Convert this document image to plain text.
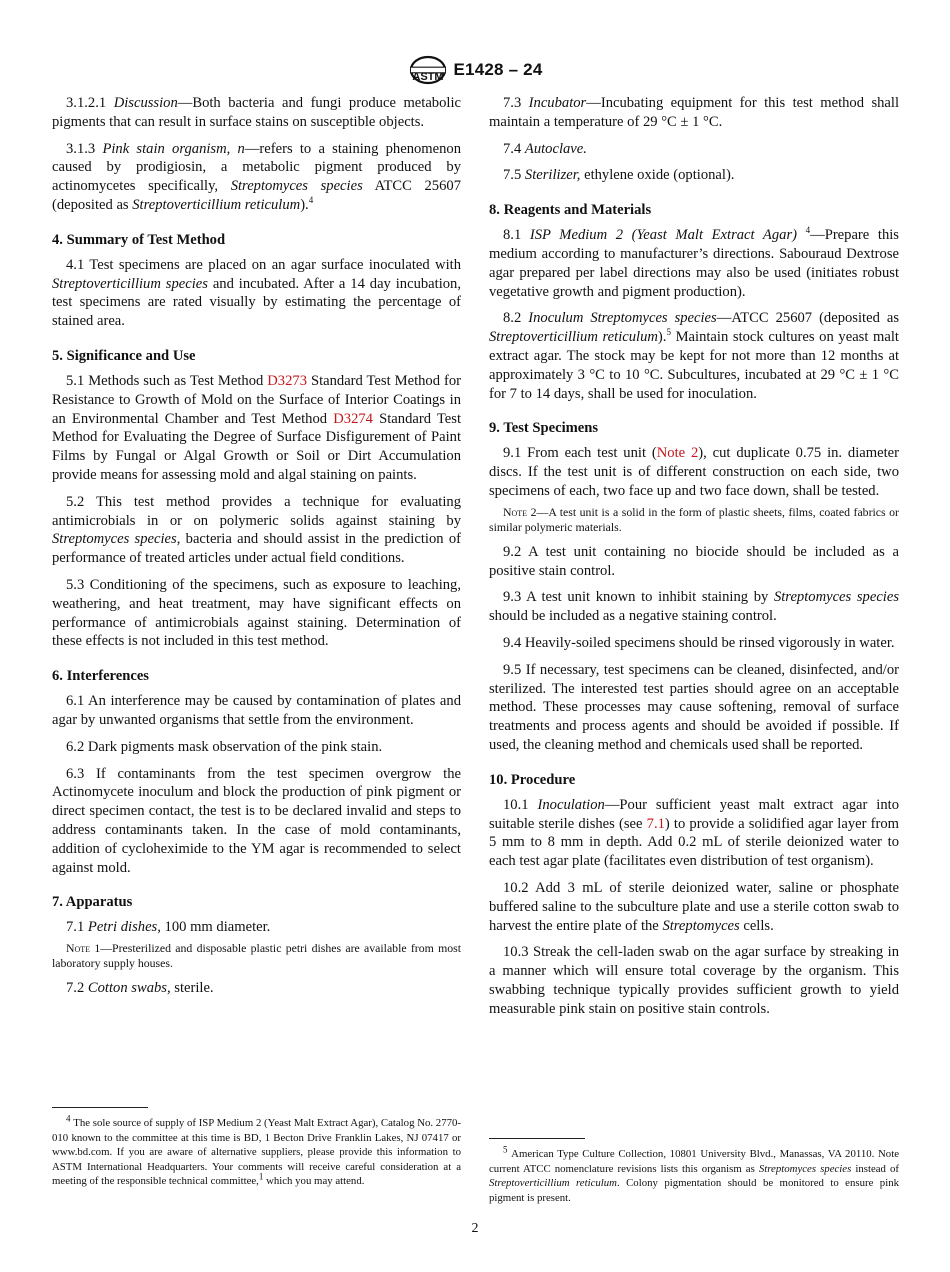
ASTM E1428 – 24

3.1.2.1 Discussion—Both bacteria and fungi produce metabolic pigments that can result in surface stains on susceptible objects.

3.1.3 Pink stain organism, n—refers to a staining phenomenon caused by prodigiosin, a metabolic pigment produced by actinomycetes specifically, Streptomyces species ATCC 25607 (deposited as Streptoverticillium reticulum).$^4$

4. Summary of Test Method

4.1 Test specimens are placed on an agar surface inoculated with Streptoverticillium species and incubated. After a 14 day incubation, test specimens are rated visually by estimating the percentage of stained area.

5. Significance and Use

5.1 Methods such as Test Method D3273 Standard Test Method for Resistance to Growth of Mold on the Surface of Interior Coatings in an Environmental Chamber and Test Method D3274 Standard Test Method for Evaluating the Degree of Surface Disfigurement of Paint Films by Fungal or Algal Growth or Soil or Dirt Accumulation provide means for assessing mold and algal staining on paints.

5.2 This test method provides a technique for evaluating antimicrobials in or on polymeric solids against staining by Streptomyces species, bacteria and should assist in the prediction of performance of treated articles under actual field conditions.

5.3 Conditioning of the specimens, such as exposure to leaching, weathering, and heat treatment, may have significant effects on performance of antimicrobials against staining. Determination of these effects is not included in this test method.

6. Interferences

6.1 An interference may be caused by contamination of plates and agar by unwanted organisms that settle from the environment.

6.2 Dark pigments mask observation of the pink stain.

6.3 If contaminants from the test specimen overgrow the Actinomycete inoculum and block the production of pink pigment or direct specimen contact, the test is to be declared invalid and steps to address contaminants taken. In the case of mold contaminants, addition of cycloheximide to the YM agar is recommended to select against mold.

7. Apparatus

7.1 Petri dishes, 100 mm diameter.

Note 1—Presterilized and disposable plastic petri dishes are available from most laboratory supply houses.

7.2 Cotton swabs, sterile.

$^4$ The sole source of supply of ISP Medium 2 (Yeast Malt Extract Agar), Catalog No. 2770-010 known to the committee at this time is BD, 1 Becton Drive Franklin Lakes, NJ 07417 or www.bd.com. If you are aware of alternative suppliers, please provide this information to ASTM International Headquarters. Your comments will receive careful consideration at a meeting of the responsible technical committee,$^1$ which you may attend.

7.3 Incubator—Incubating equipment for this test method shall maintain a temperature of 29 °C ± 1 °C.

7.4 Autoclave.

7.5 Sterilizer, ethylene oxide (optional).

8. Reagents and Materials

8.1 ISP Medium 2 (Yeast Malt Extract Agar) $^4$—Prepare this medium according to manufacturer’s directions. Sabouraud Dextrose agar prepared per label directions may also be used (initiates robust vegetative growth and pigment production).

8.2 Inoculum Streptomyces species—ATCC 25607 (deposited as Streptoverticillium reticulum).$^5$ Maintain stock cultures on yeast malt extract agar. The stock may be kept for not more than 12 months at approximately 3 °C to 10 °C. Subcultures, incubated at 29 °C ± 1 °C for 7 to 14 days, shall be used for inoculation.

9. Test Specimens

9.1 From each test unit (Note 2), cut duplicate 0.75 in. diameter discs. If the test unit is of different construction on each side, two specimens of each, two face up and two face down, shall be tested.

Note 2—A test unit is a solid in the form of plastic sheets, films, coated fabrics or similar polymeric materials.

9.2 A test unit containing no biocide should be included as a positive stain control.

9.3 A test unit known to inhibit staining by Streptomyces species should be included as a negative staining control.

9.4 Heavily-soiled specimens should be rinsed vigorously in water.

9.5 If necessary, test specimens can be cleaned, disinfected, and/or sterilized. The interested test parties should agree on an acceptable method. These processes may cause softening, removal of surface treatments and process agents and should be avoided if possible. If used, the cleaning method and chemicals used shall be reported.

10. Procedure

10.1 Inoculation—Pour sufficient yeast malt extract agar into suitable sterile dishes (see 7.1) to provide a solidified agar layer from 5 mm to 8 mm in depth. Add 0.2 mL of sterile deionized water to each test agar plate (facilitates even distribution of test organism).

10.2 Add 3 mL of sterile deionized water, saline or phosphate buffered saline to the subculture plate and use a sterile cotton swab to harvest the entire plate of the Streptomyces cells.

10.3 Streak the cell-laden swab on the agar surface by streaking in a manner which will ensure total coverage by the organism. This swabbing technique typically provides sufficient growth to yield measurable pink stain on positive stain controls.

$^5$ American Type Culture Collection, 10801 University Blvd., Manassas, VA 20110. Note current ATCC nomenclature revisions lists this organism as Streptomyces species instead of Streptoverticillium reticulum. Colony pigmentation should be monitored to ensure pink pigment is present.

2
